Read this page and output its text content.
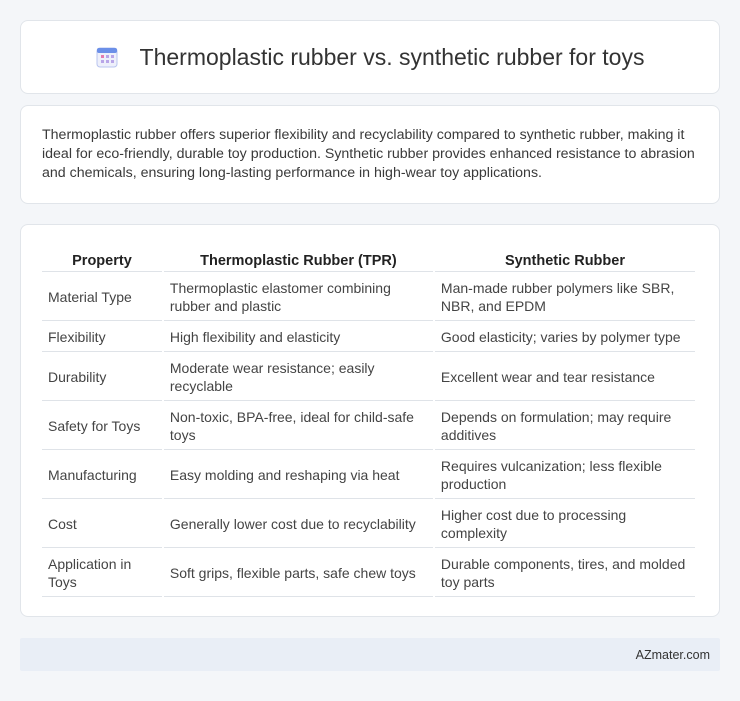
Thermoplastic rubber vs. synthetic rubber for toys

Thermoplastic rubber offers superior flexibility and recyclability compared to synthetic rubber, making it ideal for eco-friendly, durable toy production. Synthetic rubber provides enhanced resistance to abrasion and chemicals, ensuring long-lasting performance in high-wear toy applications.

Property	Thermoplastic Rubber (TPR)	Synthetic Rubber
Material Type	Thermoplastic elastomer combining rubber and plastic	Man-made rubber polymers like SBR, NBR, and EPDM
Flexibility	High flexibility and elasticity	Good elasticity; varies by polymer type
Durability	Moderate wear resistance; easily recyclable	Excellent wear and tear resistance
Safety for Toys	Non-toxic, BPA-free, ideal for child-safe toys	Depends on formulation; may require additives
Manufacturing	Easy molding and reshaping via heat	Requires vulcanization; less flexible production
Cost	Generally lower cost due to recyclability	Higher cost due to processing complexity
Application in Toys	Soft grips, flexible parts, safe chew toys	Durable components, tires, and molded toy parts
AZmater.com
